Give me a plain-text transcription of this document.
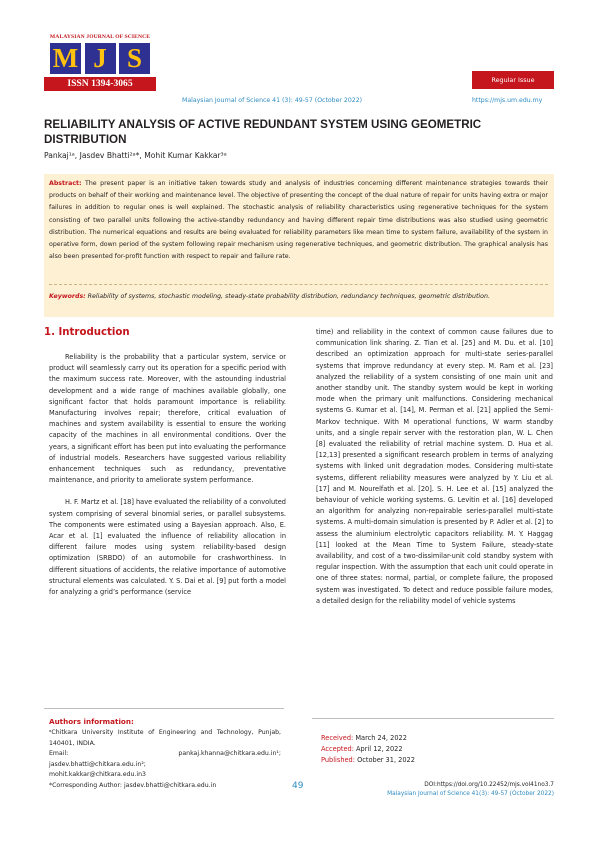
MALAYSIAN JOURNAL OF SCIENCE
M J S
ISSN 1394-3065	Regular Issue
Malaysian Journal of Science 41 (3): 49-57 (October 2022)	https://mjs.um.edu.my
RELIABILITY ANALYSIS OF ACTIVE REDUNDANT SYSTEM USING GEOMETRIC DISTRIBUTION
Pankaj¹ᵃ, Jasdev Bhatti²ᵃ*, Mohit Kumar Kakkar³ᵃ
Abstract: The present paper is an initiative taken towards study and analysis of industries concerning different maintenance strategies towards their products on behalf of their working and maintenance level. The objective of presenting the concept of the dual nature of repair for units having extra or major failures in addition to regular ones is well explained. The stochastic analysis of reliability characteristics using regenerative techniques for the system consisting of two parallel units following the active-standby redundancy and having different repair time distributions was also studied using geometric distribution. The numerical equations and results are being evaluated for reliability parameters like mean time to system failure, availability of the system in operative form, down period of the system following repair mechanism using regenerative techniques, and geometric distribution. The graphical analysis has also been presented for-profit function with respect to repair and failure rate.
Keywords: Reliability of systems, stochastic modeling, steady-state probability distribution, redundancy techniques, geometric distribution.
1. Introduction

Reliability is the probability that a particular system, service or product will seamlessly carry out its operation for a specific period with the maximum success rate. Moreover, with the astounding industrial development and a wide range of machines available globally, one significant factor that holds paramount importance is reliability. Manufacturing involves repair; therefore, critical evaluation of machines and system availability is essential to ensure the working capacity of the machines in all environmental conditions. Over the years, a significant effort has been put into evaluating the performance of industrial models. Researchers have suggested various reliability enhancement techniques such as redundancy, preventative maintenance, and priority to ameliorate system performance.

H. F. Martz et al. [18] have evaluated the reliability of a convoluted system comprising of several binomial series, or parallel subsystems. The components were estimated using a Bayesian approach. Also, E. Acar et al. [1] evaluated the influence of reliability allocation in different failure modes using system reliability-based design optimization (SRBDO) of an automobile for crashworthiness. In different situations of accidents, the relative importance of automotive structural elements was calculated. Y. S. Dai et al. [9] put forth a model for analyzing a grid’s performance (service

time) and reliability in the context of common cause failures due to communication link sharing. Z. Tian et al. [25] and M. Du. et al. [10] described an optimization approach for multi-state series-parallel systems that improve redundancy at every step. M. Ram et al. [23] analyzed the reliability of a system consisting of one main unit and another standby unit. The standby system would be kept in working mode when the primary unit malfunctions. Considering mechanical systems G. Kumar et al. [14], M. Perman et al. [21] applied the Semi-Markov technique. With M operational functions, W warm standby units, and a single repair server with the restoration plan, W. L. Chen [8] evaluated the reliability of retrial machine system. D. Hua et al. [12,13] presented a significant research problem in terms of analyzing systems with linked unit degradation modes. Considering multi-state systems, different reliability measures were analyzed by Y. Liu et al. [17] and M. Nourelfath et al. [20]. S. H. Lee et al. [15] analyzed the behaviour of vehicle working systems. G. Levitin et al. [16] developed an algorithm for analyzing non-repairable series-parallel multi-state systems. A multi-domain simulation is presented by P. Adler et al. [2] to assess the aluminium electrolytic capacitors reliability. M. Y. Haggag [11] looked at the Mean Time to System Failure, steady-state availability, and cost of a two-dissimilar-unit cold standby system with regular inspection. With the assumption that each unit could operate in one of three states: normal, partial, or complete failure, the proposed system was investigated. To detect and reduce possible failure modes, a detailed design for the reliability model of vehicle systems

Authors information:
ᵃChitkara University Institute of Engineering and Technology, Punjab, 140401, INDIA.
Email:	pankaj.khanna@chitkara.edu.in¹;
jasdev.bhatti@chitkara.edu.in²;
mohit.kakkar@chitkara.edu.in3
*Corresponding Author: jasdev.bhatti@chitkara.edu.in
Received: March 24, 2022
Accepted: April 12, 2022
Published: October 31, 2022
49	DOI:https://doi.org/10.22452/mjs.vol41no3.7
Malaysian Journal of Science 41(3): 49-57 (October 2022)
